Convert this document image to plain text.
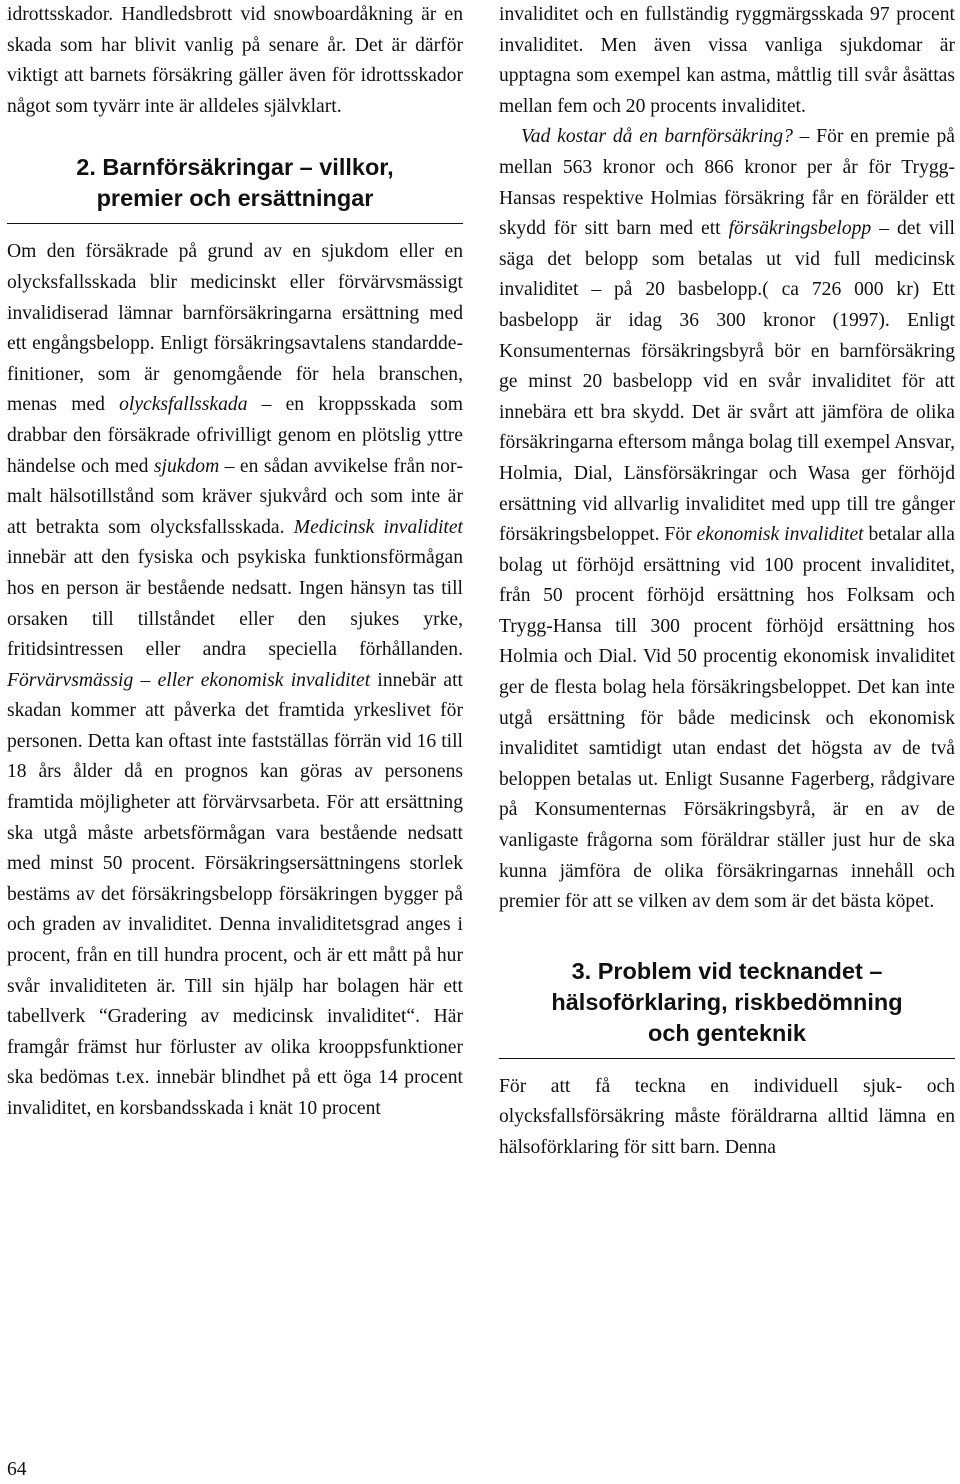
idrottsskador. Handledsbrott vid snowboardåkning är en skada som har blivit vanlig på senare år. Det är därför viktigt att barnets försäkring gäller även för idrottsskador något som tyvärr inte är alldeles självklart.

2. Barnförsäkringar – villkor,
premier och ersättningar

Om den försäkrade på grund av en sjukdom eller en olycksfallsskada blir medicinskt eller förvärvsmässigt invalidiserad lämnar barnförsäkringarna ersättning med ett engångsbelopp. Enligt försäkringsavtalens standarddefinitioner, som är genomgående för hela branschen, menas med olycksfallsskada – en kroppsskada som drabbar den försäkrade ofrivilligt genom en plötslig yttre händelse och med sjukdom – en sådan avvikelse från normalt hälsotillstånd som kräver sjukvård och som inte är att betrakta som olycksfallsskada. Medicinsk invaliditet innebär att den fysiska och psykiska funktionsförmågan hos en person är bestående nedsatt. Ingen hänsyn tas till orsaken till tillståndet eller den sjukes yrke, fritidsintressen eller andra speciella förhållanden. Förvärvsmässig – eller ekonomisk invaliditet innebär att skadan kommer att påverka det framtida yrkeslivet för personen. Detta kan oftast inte fastställas förrän vid 16 till 18 års ålder då en prognos kan göras av personens framtida möjligheter att förvärvsarbeta. För att ersättning ska utgå måste arbetsförmågan vara bestående nedsatt med minst 50 procent. Försäkringsersättningens storlek bestäms av det försäkringsbelopp försäkringen bygger på och graden av invaliditet. Denna invaliditetsgrad anges i procent, från en till hundra procent, och är ett mått på hur svår invaliditeten är. Till sin hjälp har bolagen här ett tabellverk “Gradering av medicinsk invaliditet“. Här framgår främst hur förluster av olika krooppsfunktioner ska bedömas t.ex. innebär blindhet på ett öga 14 procent invaliditet, en korsbandsskada i knät 10 procent

invaliditet och en fullständig ryggmärgsskada 97 procent invaliditet. Men även vissa vanliga sjukdomar är upptagna som exempel kan astma, måttlig till svår åsättas mellan fem och 20 procents invaliditet.

Vad kostar då en barnförsäkring? – För en premie på mellan 563 kronor och 866 kronor per år för Trygg-Hansas respektive Holmias försäkring får en förälder ett skydd för sitt barn med ett försäkringsbelopp – det vill säga det belopp som betalas ut vid full medicinsk invaliditet – på 20 basbelopp.( ca 726 000 kr) Ett basbelopp är idag 36 300 kronor (1997). Enligt Konsumenternas försäkringsbyrå bör en barnförsäkring ge minst 20 basbelopp vid en svår invaliditet för att innebära ett bra skydd. Det är svårt att jämföra de olika försäkringarna eftersom många bolag till exempel Ansvar, Holmia, Dial, Länsförsäkringar och Wasa ger förhöjd ersättning vid allvarlig invaliditet med upp till tre gånger försäkringsbeloppet. För ekonomisk invaliditet betalar alla bolag ut förhöjd ersättning vid 100 procent invaliditet, från 50 procent förhöjd ersättning hos Folksam och Trygg-Hansa till 300 procent förhöjd ersättning hos Holmia och Dial. Vid 50 procentig ekonomisk invaliditet ger de flesta bolag hela försäkringsbeloppet. Det kan inte utgå ersättning för både medicinsk och ekonomisk invaliditet samtidigt utan endast det högsta av de två beloppen betalas ut. Enligt Susanne Fagerberg, rådgivare på Konsumenternas Försäkringsbyrå, är en av de vanligaste frågorna som föräldrar ställer just hur de ska kunna jämföra de olika försäkringarnas innehåll och premier för att se vilken av dem som är det bästa köpet.

3. Problem vid tecknandet –
hälsoförklaring, riskbedömning
och genteknik

För att få teckna en individuell sjuk- och olycksfallsförsäkring måste föräldrarna alltid lämna en hälsoförklaring för sitt barn. Denna

64
